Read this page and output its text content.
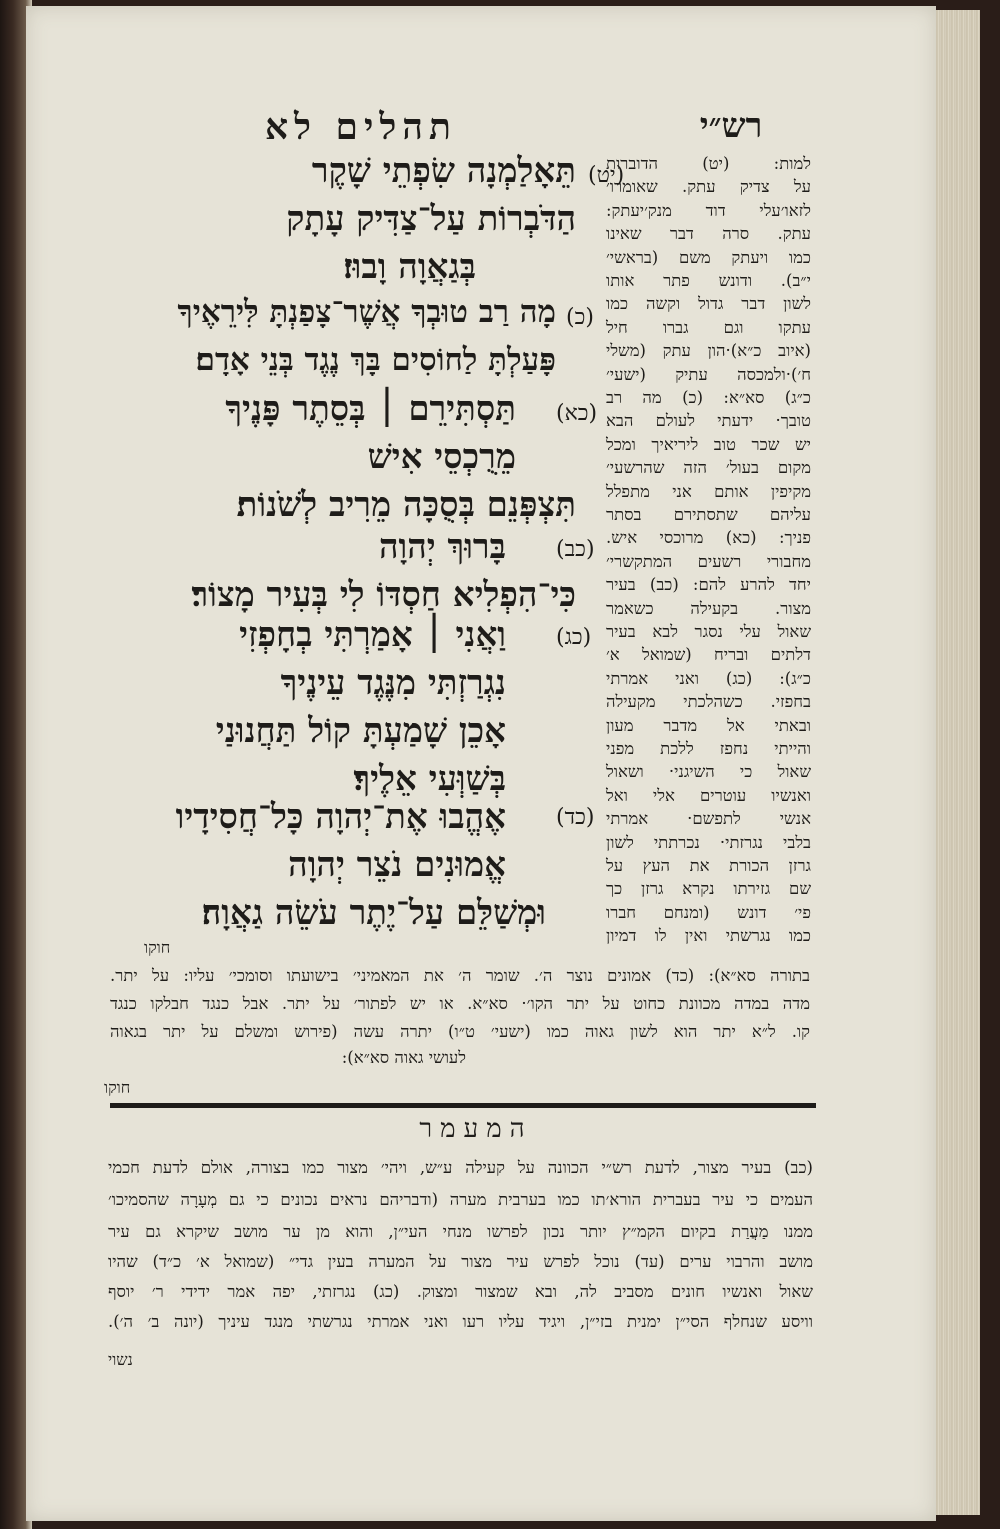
רש״י
תהלים לא
(יט)
תֵּאָלַמְנָה שִׂפְתֵי שָׁקֶר
הַדֹּבְרוֹת עַל־צַדִּיק עָתָק
בְּגַאֲוָה וָבוּז׃
(כ)
מָה רַב טוּבְךָ אֲשֶׁר־צָפַנְתָּ לִּירֵאֶיךָ
פָּעַלְתָּ לַחוֹסִים בָּךְ נֶגֶד בְּנֵי אָדָם׃
(כא)
תַּסְתִּירֵם ׀ בְּסֵתֶר פָּנֶיךָ
מֵרֻכְסֵי אִישׁ
תִּצְפְּנֵם בְּסֻכָּה מֵרִיב לְשֹׁנוֹת׃
(כב)
בָּרוּךְ יְהוָה
כִּי־הִפְלִיא חַסְדּוֹ לִי בְּעִיר מָצוֹר׃
(כג)
וַאֲנִי ׀ אָמַרְתִּי בְחָפְזִי
נִגְרַזְתִּי מִנֶּגֶד עֵינֶיךָ
אָכֵן שָׁמַעְתָּ קוֹל תַּחֲנוּנַי
בְּשַׁוְּעִי אֵלֶיךָ׃
(כד)
אֶהֱבוּ אֶת־יְהוָה כָּל־חֲסִידָיו
אֱמוּנִים נֹצֵר יְהוָה
וּמְשַׁלֵּם עַל־יֶתֶר עֹשֵׂה גַאֲוָה׃
למות: (יט) הדוברות
על צדיק עתק. שאומרו׳
לזאו׳עלי דוד מנק׳יעתק:
עתק. סרה דבר שאינו
כמו ויעתק משם (בראשי׳
י״ב). ודונש פתר אותו
לשון דבר גדול וקשה כמו
עתקו וגם גברו חיל
(איוב כ״א)·הון עתק (משלי
ח׳)·ולמכסה עתיק (ישעי׳
כ״ג) סא״א: (כ) מה רב
טובך· ידעתי לעולם הבא
יש שכר טוב ליריאיך ומכל
מקום בעול׳ הזה שהרשעי׳
מקיפין אותם אני מתפלל
עליהם שתסתירם בסתר
פניך: (כא) מרוכסי איש.
מחבורי רשעים המתקשרי׳
יחד להרע להם: (כב) בעיר
מצור. בקעילה כשאמר
שאול עלי נסגר לבא בעיר
דלתים ובריח (שמואל א׳
כ״ג): (כג) ואני אמרתי
בחפזי. כשהלכתי מקעילה
ובאתי אל מדבר מעון
והייתי נחפז ללכת מפני
שאול כי השיגני· ושאול
ואנשיו עוטרים אלי ואל
אנשי לתפשם· אמרתי
בלבי נגרזתי· נכרתתי לשון
גרזן הכורת את העץ על
שם גזירתו נקרא גרזן כך
פי׳ דונש (ומנחם חברו
כמו נגרשתי ואין לו דמיון
חוקו
בתורה סא״א): (כד) אמונים נוצר ה׳. שומר ה׳ את המאמיני׳ בישועתו וסומכי׳ עליו: על יתר.
מדה במדה מכוונת כחוט על יתר הקו׳· סא״א. או יש לפתור׳ על יתר. אבל כנגד חבלקו כנגד
קו. ל״א יתר הוא לשון גאוה כמו (ישעי׳ ט״ו) יתרה עשה (פירוש ומשלם על יתר בגאוה
לעושי גאוה סא״א):
חוקו
המעמר
(כב) בעיר מצור, לדעת רש״י הכוונה על קעילה ע״ש, ויהי׳ מצור כמו בצורה, אולם לדעת חכמי
העמים כי עיר בעברית הורא׳תו כמו בערבית מערה (ודבריהם נראים נכונים כי גם מְעָרָה שהסמיכו׳
ממנו מַעֲרַת בקיום הקמ״ץ יותר נכון לפרשו מנחי העי״ן, והוא מן ער מושב שיקרא גם עיר
מושב והרבוי ערים (עד) נוכל לפרש עיר מצור על המערה בעין גדי״ (שמואל א׳ כ״ד) שהיו
שאול ואנשיו חונים מסביב לה, ובא שמצור ומצוק. (כג) נגרזתי, יפה אמר ידידי ר׳ יוסף
וויסע שנחלף הסי״ן ימנית בזי״ן, ויגיד עליו רעו ואני אמרתי נגרשתי מנגד עיניך (יונה ב׳ ה׳).
נשוי
